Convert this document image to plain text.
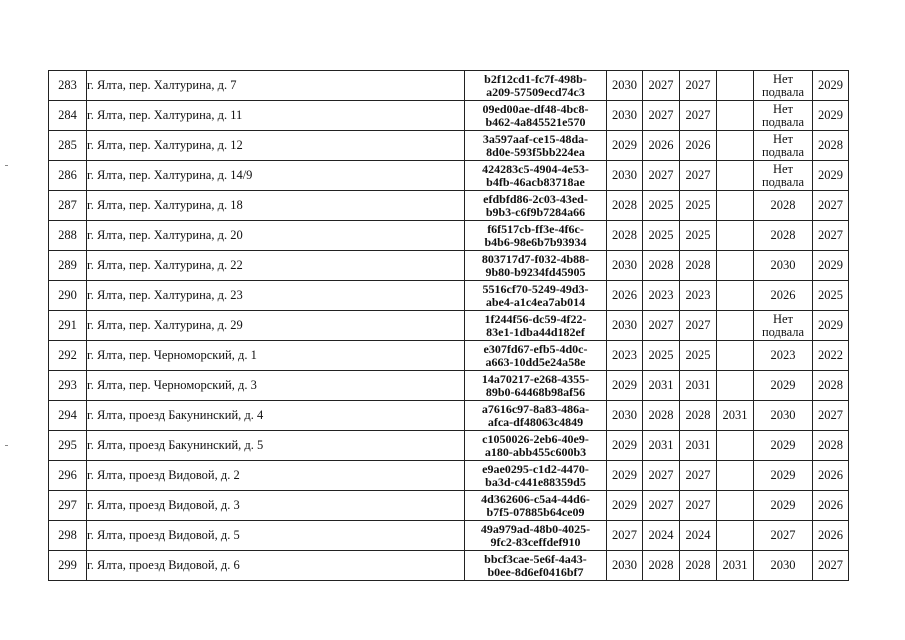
283	г. Ялта, пер. Халтурина, д. 7	b2f12cd1-fc7f-498b-
a209-57509ecd74c3	2030	2027	2027		Нет подвала	2029
284	г. Ялта, пер. Халтурина, д. 11	09ed00ae-df48-4bc8-
b462-4a845521e570	2030	2027	2027		Нет подвала	2029
285	г. Ялта, пер. Халтурина, д. 12	3a597aaf-ce15-48da-
8d0e-593f5bb224ea	2029	2026	2026		Нет подвала	2028
286	г. Ялта, пер. Халтурина, д. 14/9	424283c5-4904-4e53-
b4fb-46acb83718ae	2030	2027	2027		Нет подвала	2029
287	г. Ялта, пер. Халтурина, д. 18	efdbfd86-2c03-43ed-
b9b3-c6f9b7284a66	2028	2025	2025		2028	2027
288	г. Ялта, пер. Халтурина, д. 20	f6f517cb-ff3e-4f6c-
b4b6-98e6b7b93934	2028	2025	2025		2028	2027
289	г. Ялта, пер. Халтурина, д. 22	803717d7-f032-4b88-
9b80-b9234fd45905	2030	2028	2028		2030	2029
290	г. Ялта, пер. Халтурина, д. 23	5516cf70-5249-49d3-
abe4-a1c4ea7ab014	2026	2023	2023		2026	2025
291	г. Ялта, пер. Халтурина, д. 29	1f244f56-dc59-4f22-
83e1-1dba44d182ef	2030	2027	2027		Нет подвала	2029
292	г. Ялта, пер. Черноморский, д. 1	e307fd67-efb5-4d0c-
a663-10dd5e24a58e	2023	2025	2025		2023	2022
293	г. Ялта, пер. Черноморский, д. 3	14a70217-e268-4355-
89b0-64468b98af56	2029	2031	2031		2029	2028
294	г. Ялта, проезд Бакунинский, д. 4	a7616c97-8a83-486a-
afca-df48063c4849	2030	2028	2028	2031	2030	2027
295	г. Ялта, проезд Бакунинский, д. 5	c1050026-2eb6-40e9-
a180-abb455c600b3	2029	2031	2031		2029	2028
296	г. Ялта, проезд Видовой, д. 2	e9ae0295-c1d2-4470-
ba3d-c441e88359d5	2029	2027	2027		2029	2026
297	г. Ялта, проезд Видовой, д. 3	4d362606-c5a4-44d6-
b7f5-07885b64ce09	2029	2027	2027		2029	2026
298	г. Ялта, проезд Видовой, д. 5	49a979ad-48b0-4025-
9fc2-83ceffdef910	2027	2024	2024		2027	2026
299	г. Ялта, проезд Видовой, д. 6	bbcf3cae-5e6f-4a43-
b0ee-8d6ef0416bf7	2030	2028	2028	2031	2030	2027
